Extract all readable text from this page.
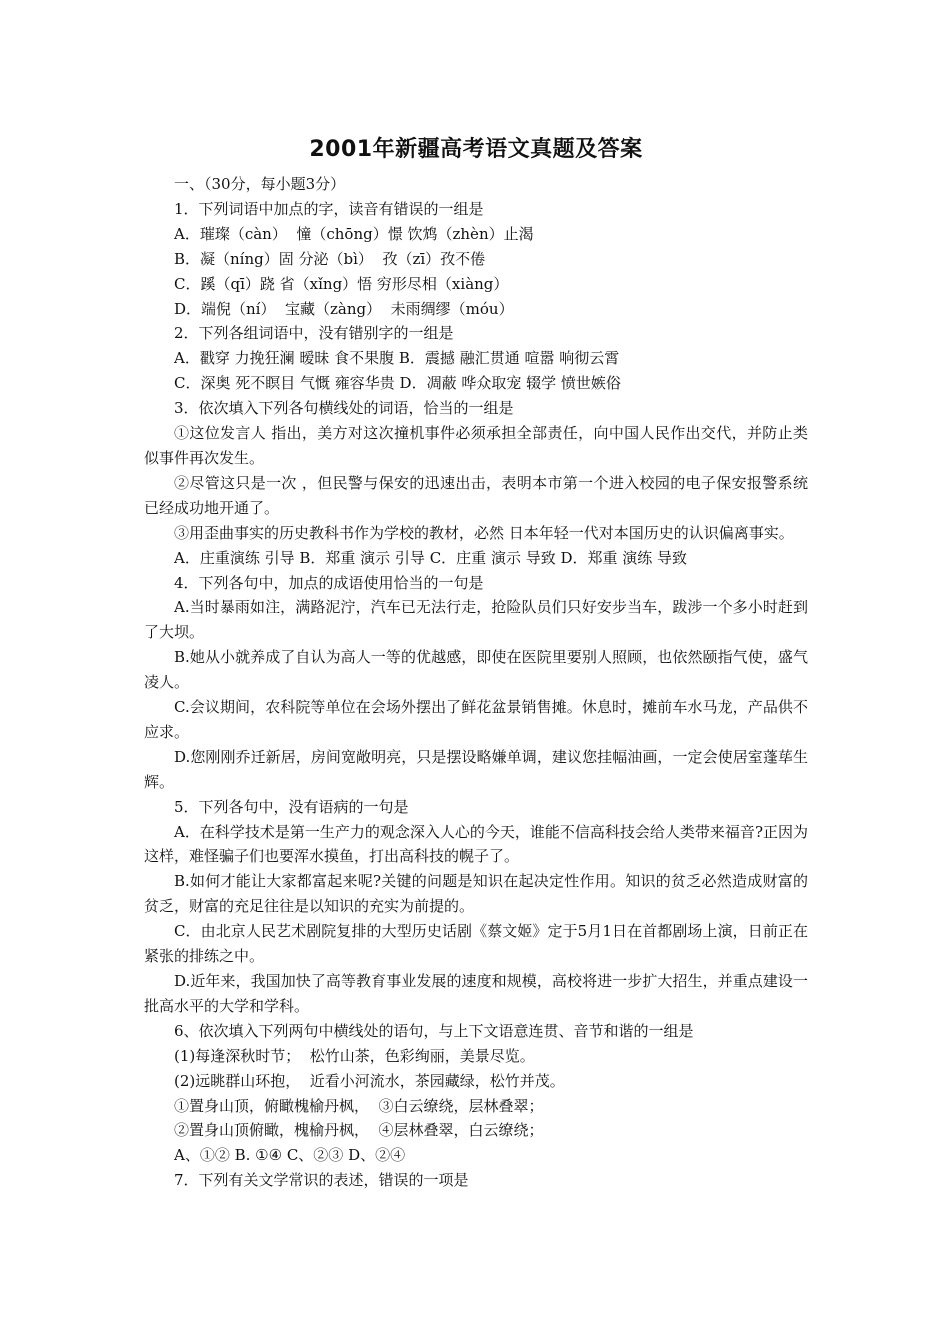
2001年新疆高考语文真题及答案

一、（30分，每小题3分）

1．下列词语中加点的字，读音有错误的一组是

A．璀璨（càn）  憧（chōng）憬 饮鸩（zhèn）止渴

B．凝（níng）固 分泌（bì）  孜（zī）孜不倦

C．蹊（qī）跷 省（xǐng）悟 穷形尽相（xiàng）

D．端倪（ní）  宝藏（zàng）  未雨绸缪（móu）

2．下列各组词语中，没有错别字的一组是

A．戳穿 力挽狂澜 暧昧 食不果腹 B．震撼 融汇贯通 喧嚣 响彻云霄

C．深奥 死不瞑目 气慨 雍容华贵 D．凋蔽 哗众取宠 辍学 愤世嫉俗

3．依次填入下列各句横线处的词语，恰当的一组是

①这位发言人 指出，美方对这次撞机事件必须承担全部责任，向中国人民作出交代，并防止类似事件再次发生。

②尽管这只是一次 ，但民警与保安的迅速出击，表明本市第一个进入校园的电子保安报警系统已经成功地开通了。

③用歪曲事实的历史教科书作为学校的教材，必然 日本年轻一代对本国历史的认识偏离事实。

A．庄重演练 引导 B．郑重 演示 引导 C．庄重 演示 导致 D．郑重 演练 导致

4．下列各句中，加点的成语使用恰当的一句是

A.当时暴雨如注，满路泥泞，汽车已无法行走，抢险队员们只好安步当车，跋涉一个多小时赶到了大坝。

B.她从小就养成了自认为高人一等的优越感，即使在医院里要别人照顾，也依然颐指气使，盛气凌人。

C.会议期间，农科院等单位在会场外摆出了鲜花盆景销售摊。休息时，摊前车水马龙，产品供不应求。

D.您刚刚乔迁新居，房间宽敞明亮，只是摆设略嫌单调，建议您挂幅油画，一定会使居室蓬荜生辉。

5．下列各句中，没有语病的一句是

A．在科学技术是第一生产力的观念深入人心的今天，谁能不信高科技会给人类带来福音?正因为这样，难怪骗子们也要浑水摸鱼，打出高科技的幌子了。

B.如何才能让大家都富起来呢?关键的问题是知识在起决定性作用。知识的贫乏必然造成财富的贫乏，财富的充足往往是以知识的充实为前提的。

C．由北京人民艺术剧院复排的大型历史话剧《蔡文姬》定于5月1日在首都剧场上演，日前正在紧张的排练之中。

D.近年来，我国加快了高等教育事业发展的速度和规模，高校将进一步扩大招生，并重点建设一批高水平的大学和学科。

6、依次填入下列两句中横线处的语句，与上下文语意连贯、音节和谐的一组是

(1)每逢深秋时节；  松竹山茶，色彩绚丽，美景尽览。

(2)远眺群山环抱，  近看小河流水，茶园藏绿，松竹并茂。

①置身山顶，俯瞰槐榆丹枫，  ③白云缭绕，层林叠翠；

②置身山顶俯瞰，槐榆丹枫，  ④层林叠翠，白云缭绕；

A、①② B. ①④ C、②③ D、②④

7．下列有关文学常识的表述，错误的一项是
